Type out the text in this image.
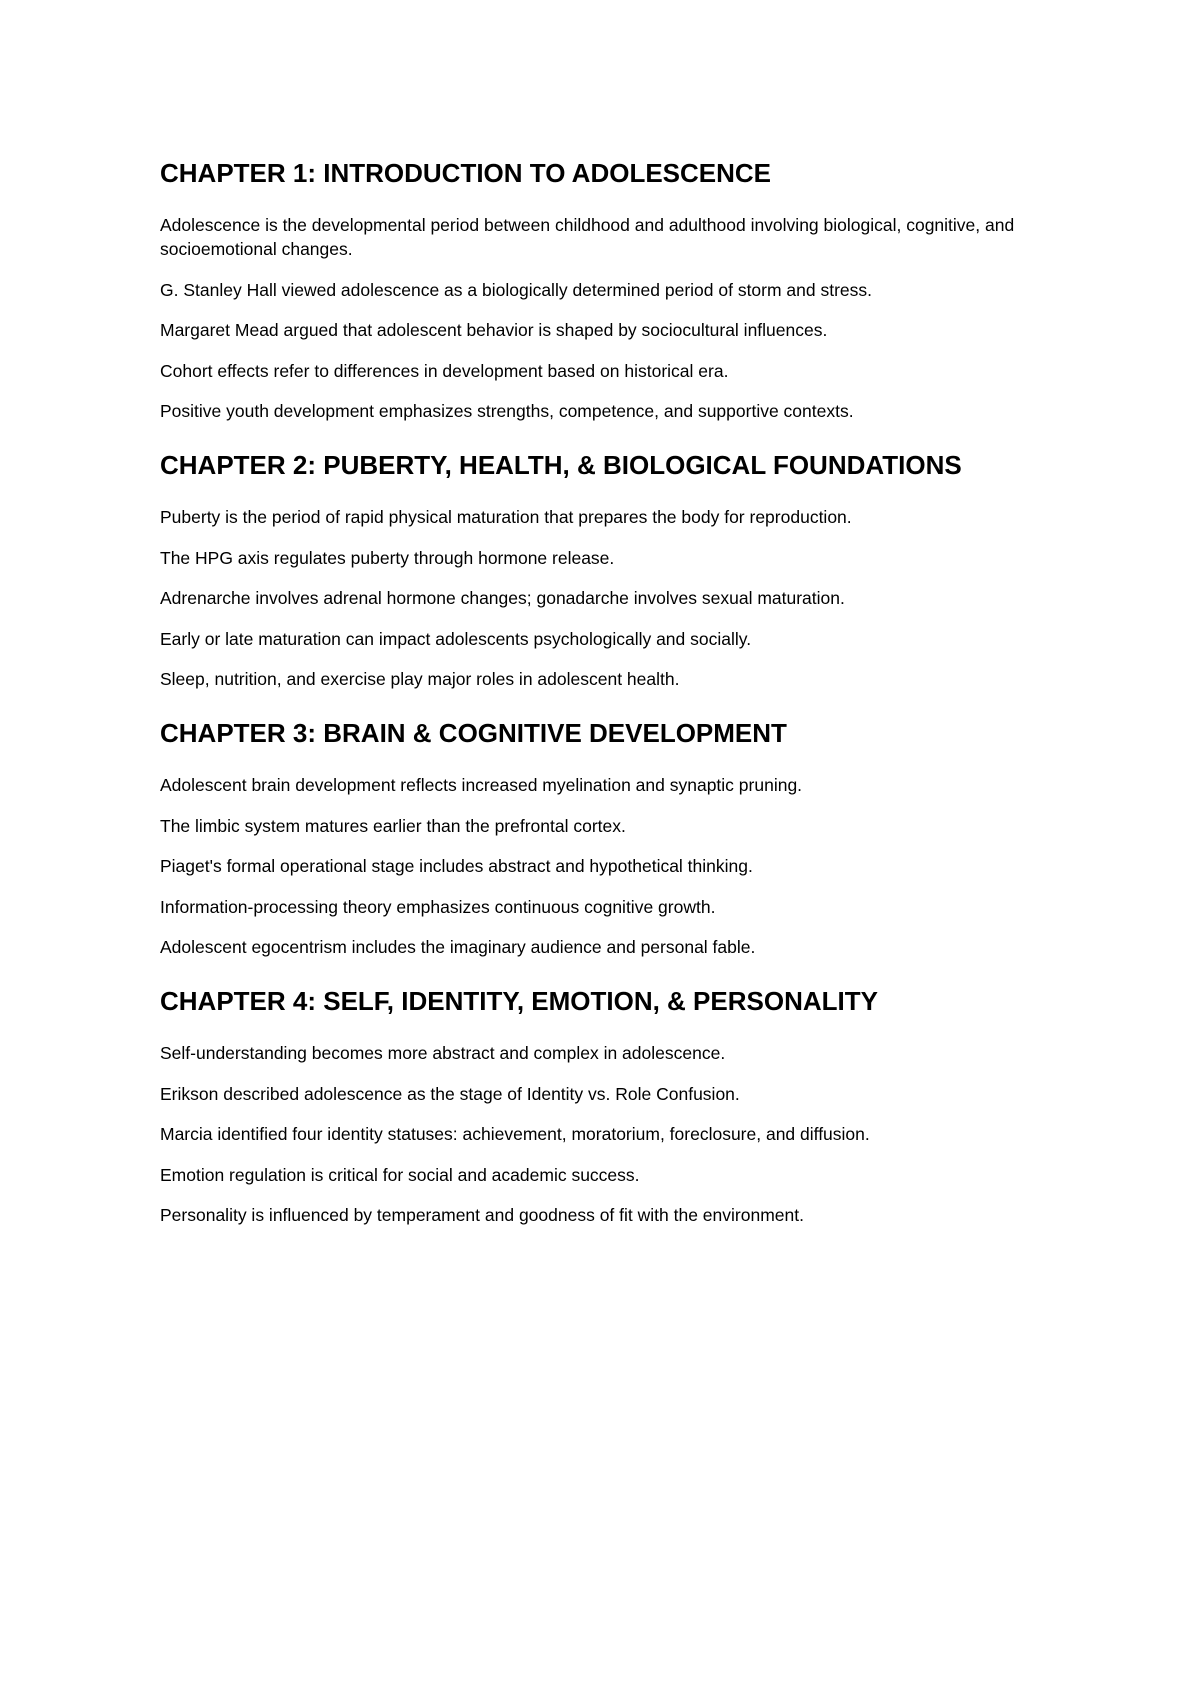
CHAPTER 1: INTRODUCTION TO ADOLESCENCE

Adolescence is the developmental period between childhood and adulthood involving biological, cognitive, and socioemotional changes.

G. Stanley Hall viewed adolescence as a biologically determined period of storm and stress.

Margaret Mead argued that adolescent behavior is shaped by sociocultural influences.

Cohort effects refer to differences in development based on historical era.

Positive youth development emphasizes strengths, competence, and supportive contexts.

CHAPTER 2: PUBERTY, HEALTH, & BIOLOGICAL FOUNDATIONS

Puberty is the period of rapid physical maturation that prepares the body for reproduction.

The HPG axis regulates puberty through hormone release.

Adrenarche involves adrenal hormone changes; gonadarche involves sexual maturation.

Early or late maturation can impact adolescents psychologically and socially.

Sleep, nutrition, and exercise play major roles in adolescent health.

CHAPTER 3: BRAIN & COGNITIVE DEVELOPMENT

Adolescent brain development reflects increased myelination and synaptic pruning.

The limbic system matures earlier than the prefrontal cortex.

Piaget's formal operational stage includes abstract and hypothetical thinking.

Information-processing theory emphasizes continuous cognitive growth.

Adolescent egocentrism includes the imaginary audience and personal fable.

CHAPTER 4: SELF, IDENTITY, EMOTION, & PERSONALITY

Self-understanding becomes more abstract and complex in adolescence.

Erikson described adolescence as the stage of Identity vs. Role Confusion.

Marcia identified four identity statuses: achievement, moratorium, foreclosure, and diffusion.

Emotion regulation is critical for social and academic success.

Personality is influenced by temperament and goodness of fit with the environment.
